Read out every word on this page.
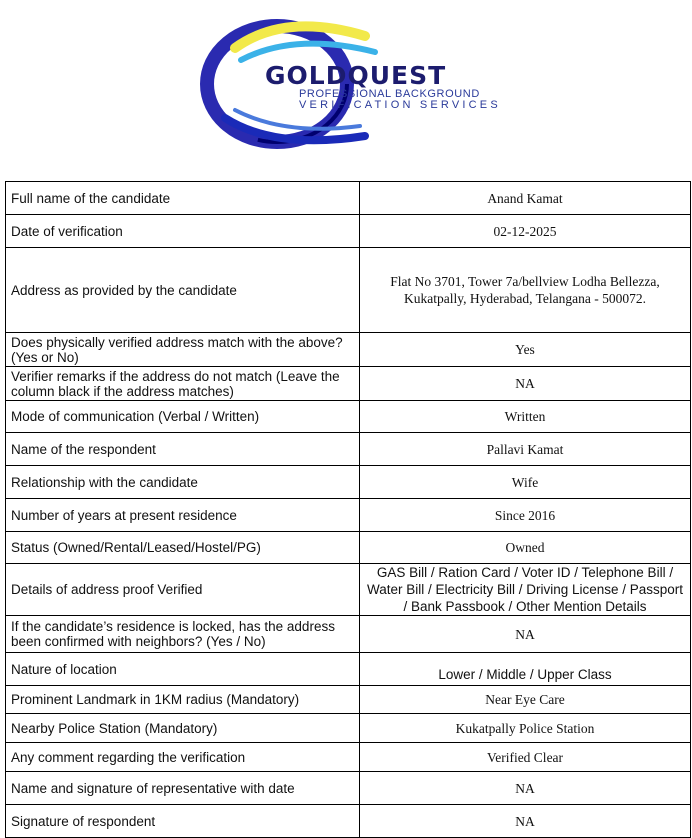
GOLDQUEST
PROFESSIONAL BACKGROUND
VERIFICATION SERVICES
Full name of the candidate	Anand Kamat
Date of verification	02-12-2025
Address as provided by the candidate	Flat No 3701, Tower 7a/bellview Lodha Bellezza, Kukatpally, Hyderabad, Telangana - 500072.
Does physically verified address match with the above? (Yes or No)	Yes
Verifier remarks if the address do not match (Leave the column black if the address matches)	NA
Mode of communication (Verbal / Written)	Written
Name of the respondent	Pallavi Kamat
Relationship with the candidate	Wife
Number of years at present residence	Since 2016
Status (Owned/Rental/Leased/Hostel/PG)	Owned
Details of address proof Verified	GAS Bill / Ration Card / Voter ID / Telephone Bill / Water Bill / Electricity Bill / Driving License / Passport / Bank Passbook / Other Mention Details
If the candidate’s residence is locked, has the address been confirmed with neighbors? (Yes / No)	NA
Nature of location	Lower / Middle / Upper Class
Prominent Landmark in 1KM radius (Mandatory)	Near Eye Care
Nearby Police Station (Mandatory)	Kukatpally Police Station
Any comment regarding the verification	Verified Clear
Name and signature of representative with date	NA
Signature of respondent	NA
